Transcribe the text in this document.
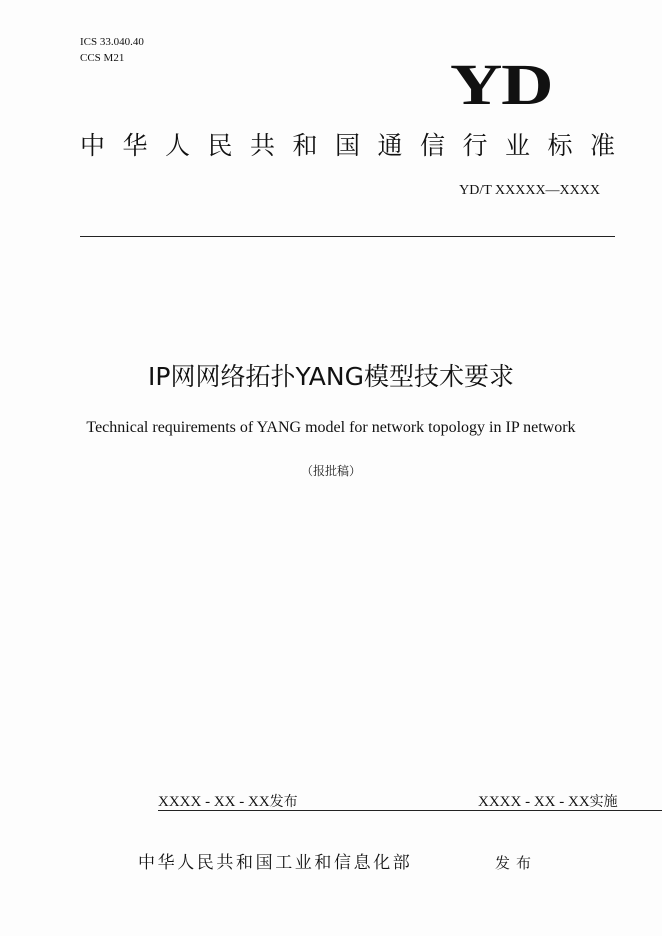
ICS 33.040.40
CCS M21	YD
中华人民共和国通信行业标准
YD/T XXXXX—XXXX
IP网网络拓扑YANG模型技术要求
Technical requirements of YANG model for network topology in IP network
（报批稿）
XXXX - XX - XX发布	XXXX - XX - XX实施
中华人民共和国工业和信息化部	发布
